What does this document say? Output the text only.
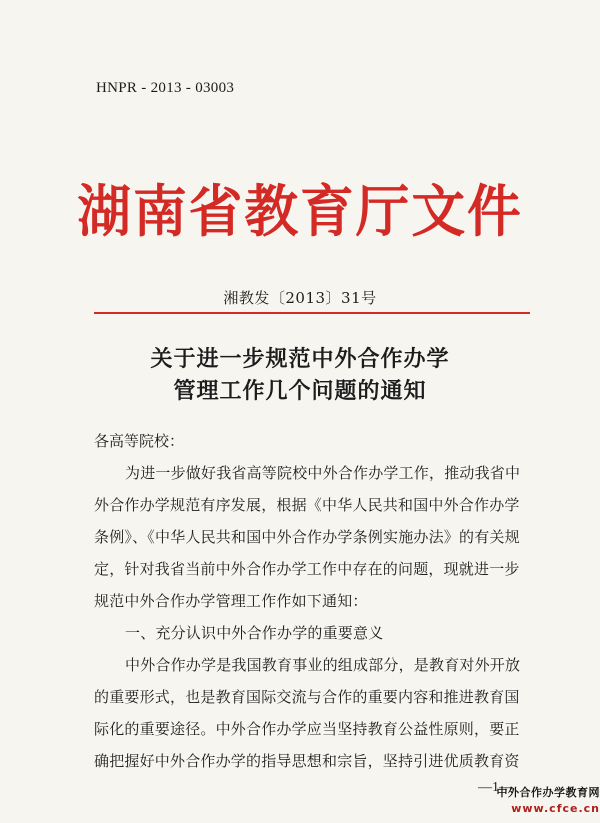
HNPR - 2013 - 03003
湖南省教育厅文件
湘教发〔2013〕31号
关于进一步规范中外合作办学
管理工作几个问题的通知
各高等院校：
为进一步做好我省高等院校中外合作办学工作，推动我省中
外合作办学规范有序发展，根据《中华人民共和国中外合作办学
条例》、《中华人民共和国中外合作办学条例实施办法》的有关规
定，针对我省当前中外合作办学工作中存在的问题，现就进一步
规范中外合作办学管理工作作如下通知：
一、充分认识中外合作办学的重要意义
中外合作办学是我国教育事业的组成部分，是教育对外开放
的重要形式，也是教育国际交流与合作的重要内容和推进教育国
际化的重要途径。中外合作办学应当坚持教育公益性原则，要正
确把握好中外合作办学的指导思想和宗旨，坚持引进优质教育资
—1—
中外合作办学教育网
www.cfce.cn
